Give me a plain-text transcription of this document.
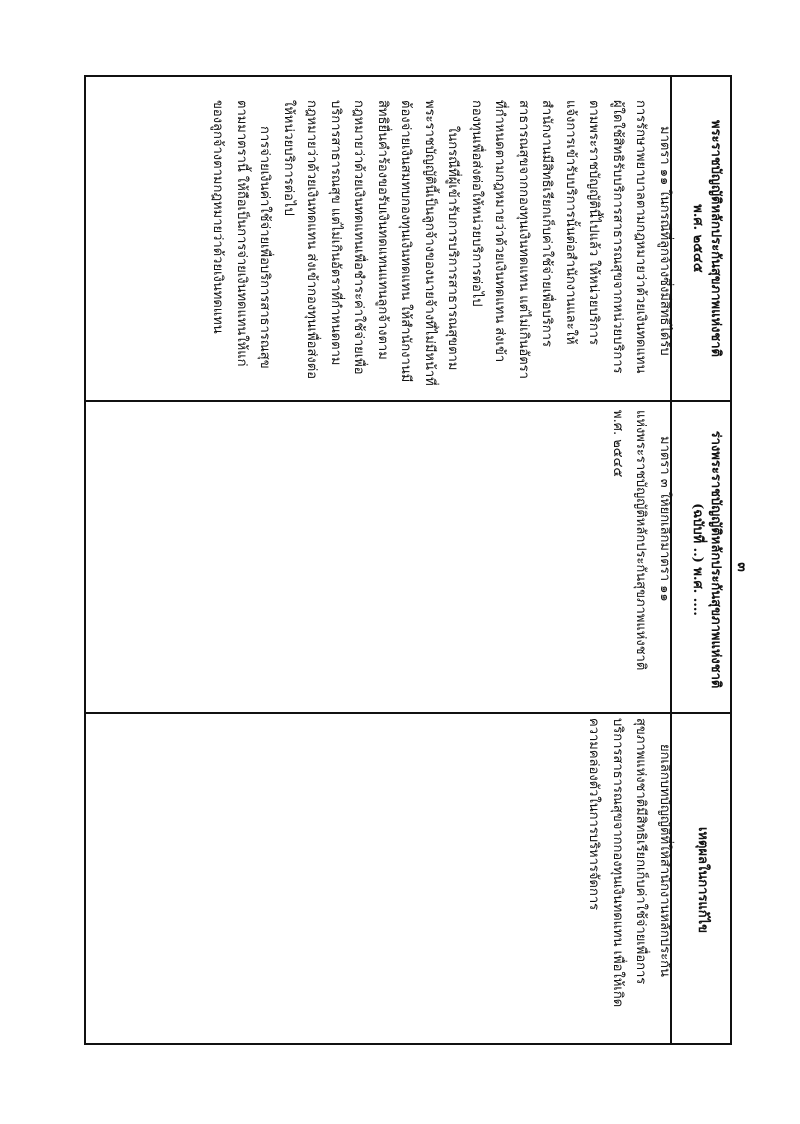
๓
พระราชบัญญัติหลักประกันสุขภาพแห่งชาติ
พ.ศ. ๒๕๔๕
ร่างพระราชบัญญัติหลักประกันสุขภาพแห่งชาติ
(ฉบับที่ ..) พ.ศ. ....
เหตุผลในการแก้ไข
มาตรา ๑๑ ในกรณีที่ลูกจ้างซึ่งมีสิทธิได้รับ
การรักษาพยาบาลตามกฎหมายว่าด้วยเงินทดแทน
ผู้ใดใช้สิทธิรับบริการสาธารณสุขจากหน่วยบริการ
ตามพระราชบัญญัตินี้ไปแล้ว ให้หน่วยบริการ
แจ้งการเข้ารับบริการนั้นต่อสำนักงานและให้
สำนักงานมีสิทธิเรียกเก็บค่าใช้จ่ายเพื่อบริการ
สาธารณสุขจากกองทุนเงินทดแทน แต่ไม่เกินอัตรา
ที่กำหนดตามกฎหมายว่าด้วยเงินทดแทน ส่งเข้า
กองทุนเพื่อส่งต่อให้หน่วยบริการต่อไป
ในกรณีที่ผู้เข้ารับการบริการสาธารณสุขตาม
พระราชบัญญัตินี้เป็นลูกจ้างของนายจ้างที่ไม่มีหน้าที่
ต้องจ่ายเงินสมทบกองทุนเงินทดแทน ให้สำนักงานมี
สิทธิยื่นคำร้องขอรับเงินทดแทนแทนลูกจ้างตาม
กฎหมายว่าด้วยเงินทดแทนเพื่อชำระค่าใช้จ่ายเพื่อ
บริการสาธารณสุข แต่ไม่เกินอัตราที่กำหนดตาม
กฎหมายว่าด้วยเงินทดแทน ส่งเข้ากองทุนเพื่อส่งต่อ
ให้หน่วยบริการต่อไป
การจ่ายเงินค่าใช้จ่ายเพื่อบริการสาธารณสุข
ตามมาตรานี้ ให้ถือเป็นการจ่ายเงินทดแทนให้แก่
ของลูกจ้างตามกฎหมายว่าด้วยเงินทดแทน
มาตรา ๓ ให้ยกเลิกมาตรา ๑๑
แห่งพระราชบัญญัติหลักประกันสุขภาพแห่งชาติ
พ.ศ. ๒๕๔๕
ยกเลิกบทบัญญัติที่ให้สำนักงานหลักประกัน
สุขภาพแห่งชาติมีสิทธิเรียกเก็บค่าใช้จ่ายเพื่อการ
บริการสาธารณสุขจากกองทุนเงินทดแทน เพื่อให้เกิด
ความคล่องตัวในการบริหารจัดการ
